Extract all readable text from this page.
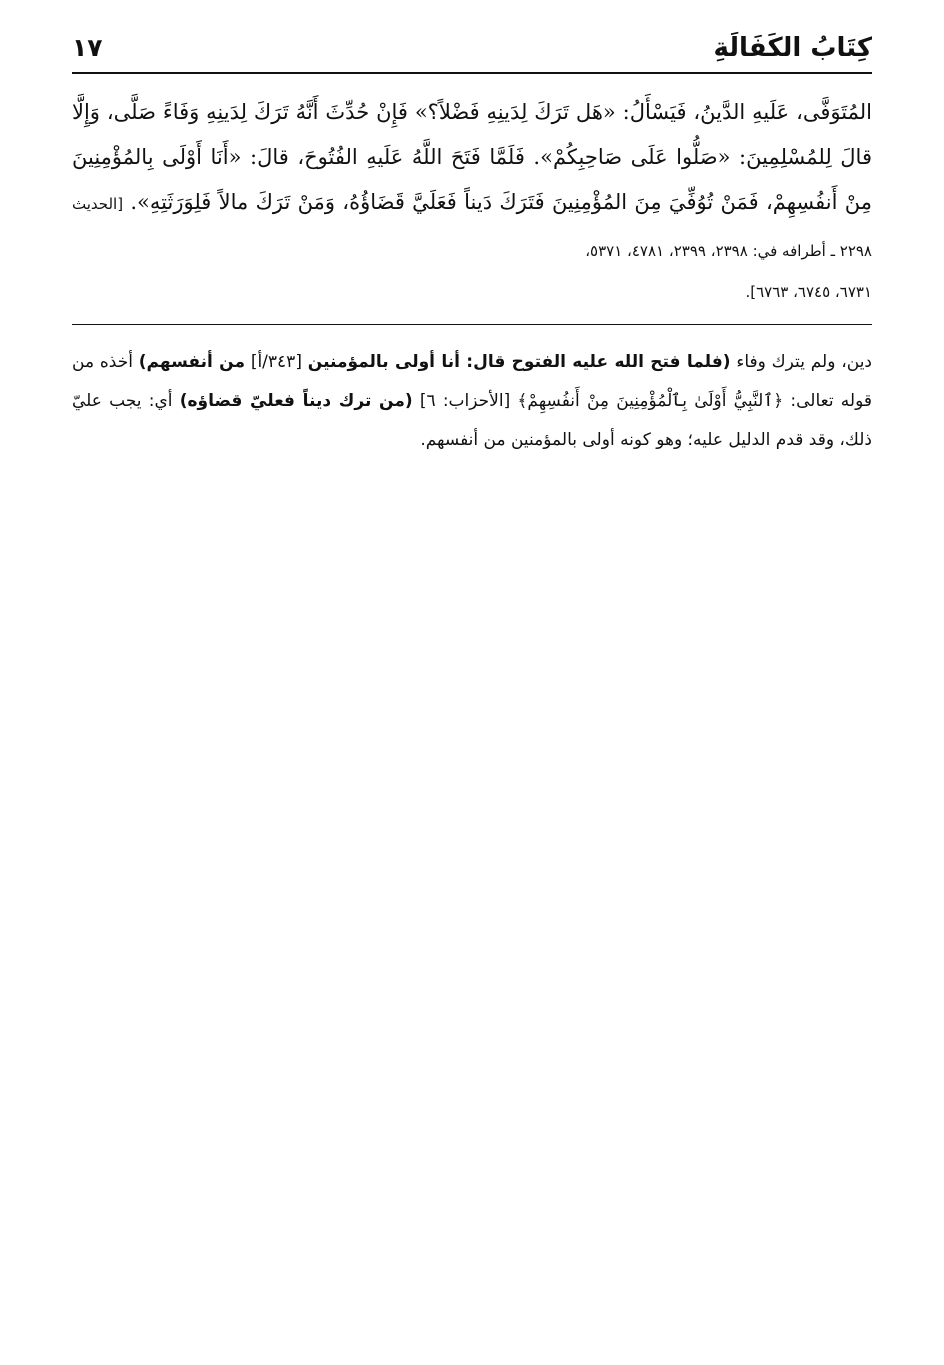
كِتَابُ الكَفَالَةِ
١٧

المُتَوَفَّى، عَلَيهِ الدَّينُ، فَيَسْأَلُ: «هَل تَرَكَ لِدَينِهِ فَضْلاً؟» فَإِنْ حُدِّثَ أَنَّهُ تَرَكَ لِدَينِهِ وَفَاءً صَلَّى، وَإِلَّا قالَ لِلمُسْلِمِينَ: «صَلُّوا عَلَى صَاحِبِكُمْ». فَلَمَّا فَتَحَ اللَّهُ عَلَيهِ الفُتُوحَ، قالَ: «أَنَا أَوْلَى بِالمُؤْمِنِينَ مِنْ أَنفُسِهِمْ، فَمَنْ تُوُفِّيَ مِنَ المُؤْمِنِينَ فَتَرَكَ دَيناً فَعَلَيَّ قَضَاؤُهُ، وَمَنْ تَرَكَ مالاً فَلِوَرَثَتِهِ». [الحديث ٢٢٩٨ ـ أطرافه في: ٢٣٩٨، ٢٣٩٩، ٤٧٨١، ٥٣٧١،

٦٧٣١، ٦٧٤٥، ٦٧٦٣].

دين، ولم يترك وفاء (فلما فتح الله عليه الفتوح قال: أنا أولى بالمؤمنين [٣٤٣/أ] من أنفسهم) أخذه من قوله تعالى: ﴿ٱلنَّبِيُّ أَوْلَىٰ بِٱلْمُؤْمِنِينَ مِنْ أَنفُسِهِمْ﴾ [الأحزاب: ٦] (من ترك ديناً فعليّ قضاؤه) أي: يجب عليّ ذلك، وقد قدم الدليل عليه؛ وهو كونه أولى بالمؤمنين من أنفسهم.
